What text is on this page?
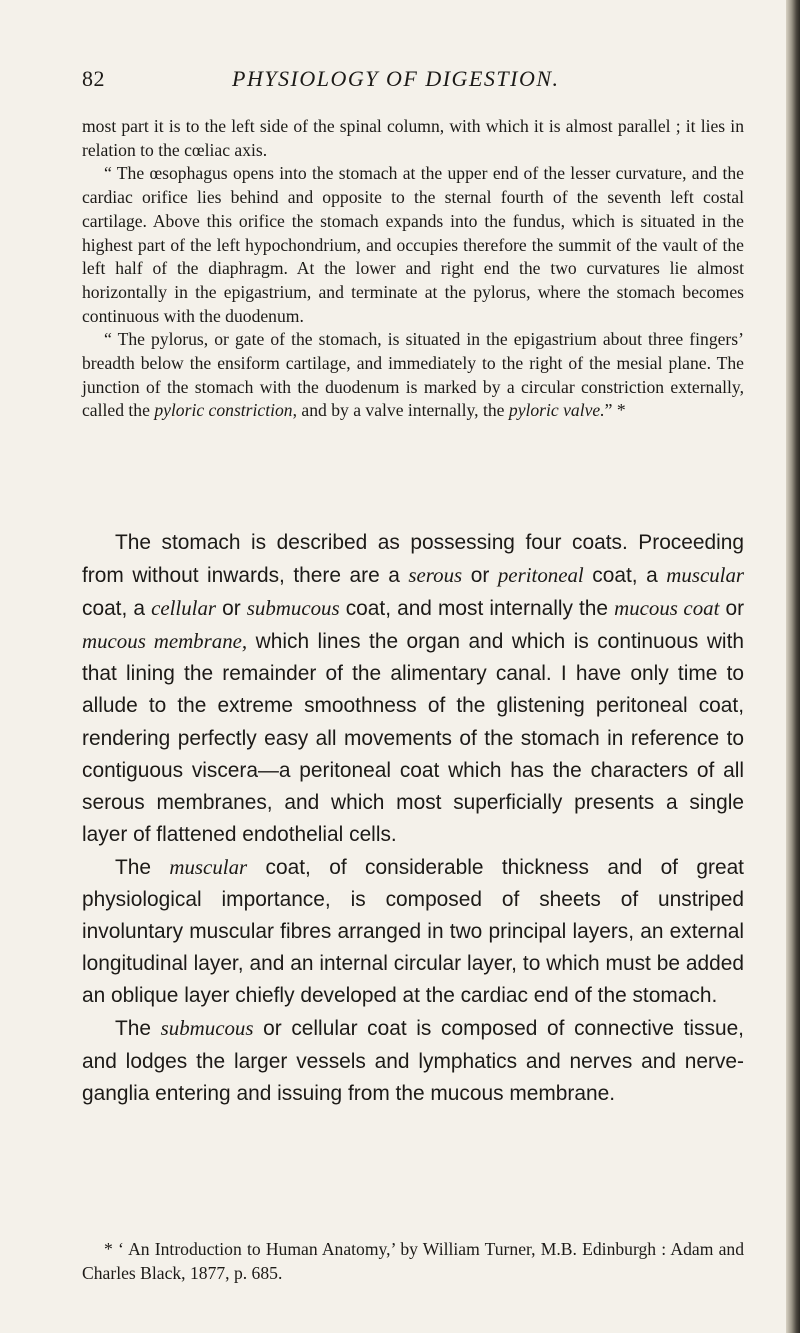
82	PHYSIOLOGY OF DIGESTION.

most part it is to the left side of the spinal column, with which it is almost parallel ; it lies in relation to the cœliac axis.

“ The œsophagus opens into the stomach at the upper end of the lesser curvature, and the cardiac orifice lies behind and opposite to the sternal fourth of the seventh left costal cartilage. Above this orifice the stomach expands into the fundus, which is situated in the highest part of the left hypochondrium, and occupies therefore the summit of the vault of the left half of the diaphragm. At the lower and right end the two curvatures lie almost horizontally in the epigastrium, and terminate at the pylorus, where the stomach becomes continuous with the duodenum.

“ The pylorus, or gate of the stomach, is situated in the epigastrium about three fingers’ breadth below the ensiform cartilage, and immediately to the right of the mesial plane. The junction of the stomach with the duodenum is marked by a circular constriction externally, called the pyloric constriction, and by a valve internally, the pyloric valve.” *

The stomach is described as possessing four coats. Proceeding from without inwards, there are a serous or peritoneal coat, a muscular coat, a cellular or submucous coat, and most internally the mucous coat or mucous membrane, which lines the organ and which is continuous with that lining the remainder of the alimentary canal. I have only time to allude to the extreme smoothness of the glistening peritoneal coat, rendering perfectly easy all movements of the stomach in reference to contiguous viscera—a peritoneal coat which has the characters of all serous membranes, and which most superficially presents a single layer of flattened endothelial cells.

The muscular coat, of considerable thickness and of great physiological importance, is composed of sheets of unstriped involuntary muscular fibres arranged in two principal layers, an external longitudinal layer, and an internal circular layer, to which must be added an oblique layer chiefly developed at the cardiac end of the stomach.

The submucous or cellular coat is composed of connective tissue, and lodges the larger vessels and lymphatics and nerves and nerve-ganglia entering and issuing from the mucous membrane.

* ‘ An Introduction to Human Anatomy,’ by William Turner, M.B. Edinburgh : Adam and Charles Black, 1877, p. 685.
